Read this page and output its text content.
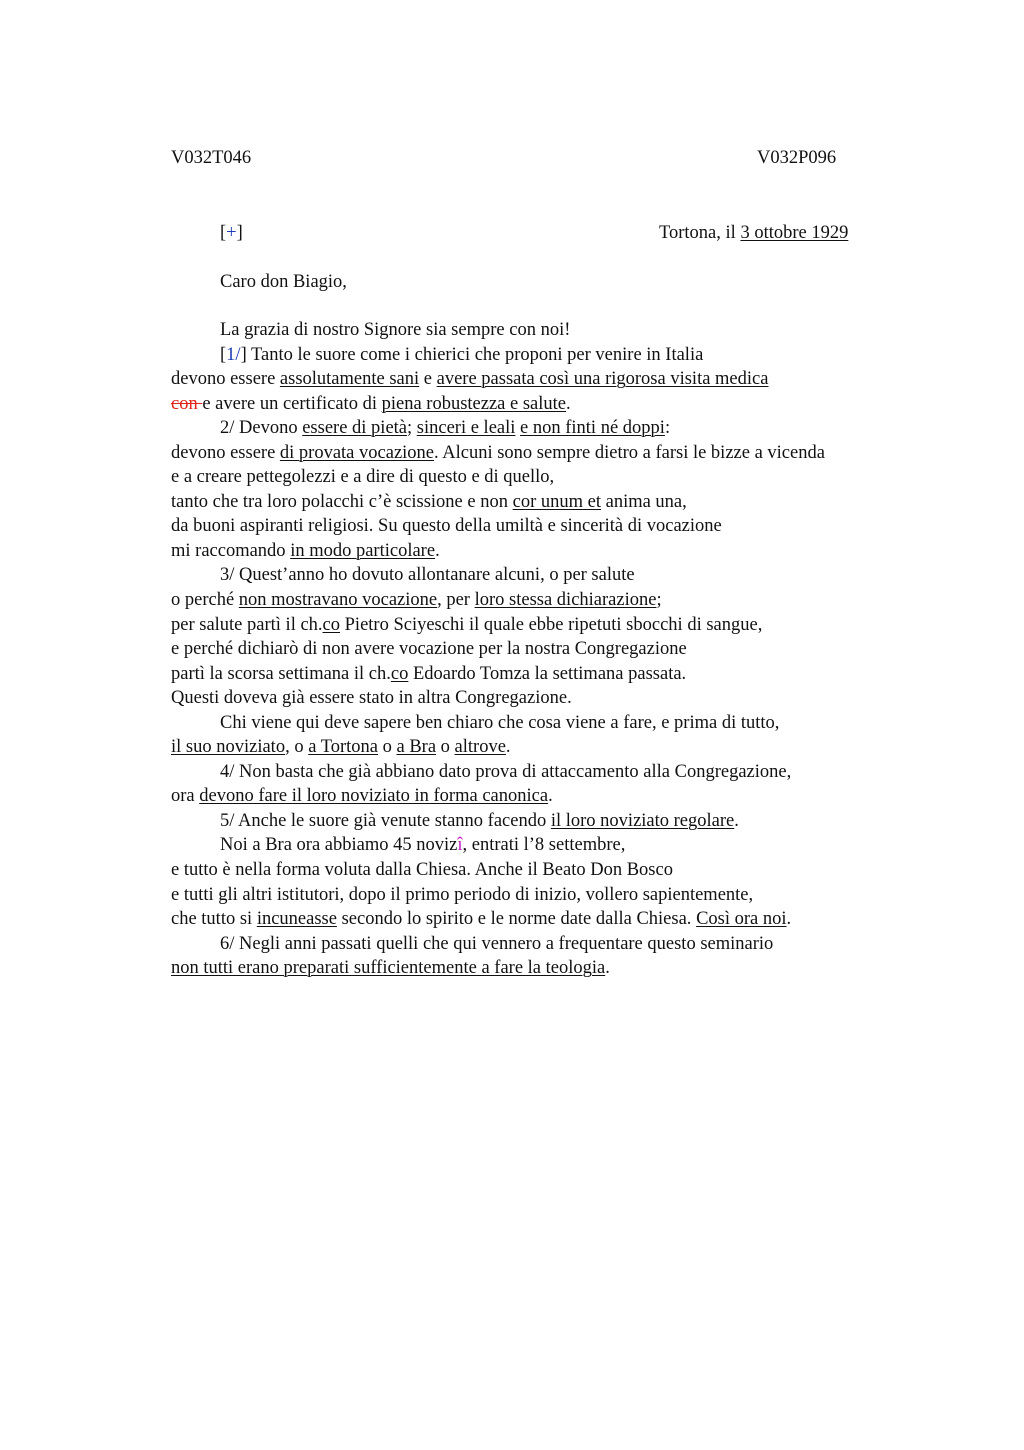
V032T046	V032P096
[+]	Tortona, il 3 ottobre 1929
Caro don Biagio,
La grazia di nostro Signore sia sempre con noi!
[1/] Tanto le suore come i chierici che proponi per venire in Italia
devono essere assolutamente sani e avere passata così una rigorosa visita medica
con e avere un certificato di piena robustezza e salute.
2/ Devono essere di pietà; sinceri e leali e non finti né doppi:
devono essere di provata vocazione. Alcuni sono sempre dietro a farsi le bizze a vicenda
e a creare pettegolezzi e a dire di questo e di quello,
tanto che tra loro polacchi c’è scissione e non cor unum et anima una,
da buoni aspiranti religiosi. Su questo della umiltà e sincerità di vocazione
mi raccomando in modo particolare.
3/ Quest’anno ho dovuto allontanare alcuni, o per salute
o perché non mostravano vocazione, per loro stessa dichiarazione;
per salute partì il ch.co Pietro Sciyeschi il quale ebbe ripetuti sbocchi di sangue,
e perché dichiarò di non avere vocazione per la nostra Congregazione
partì la scorsa settimana il ch.co Edoardo Tomza la settimana passata.
Questi doveva già essere stato in altra Congregazione.
Chi viene qui deve sapere ben chiaro che cosa viene a fare, e prima di tutto,
il suo noviziato, o a Tortona o a Bra o altrove.
4/ Non basta che già abbiano dato prova di attaccamento alla Congregazione,
ora devono fare il loro noviziato in forma canonica.
5/ Anche le suore già venute stanno facendo il loro noviziato regolare.
Noi a Bra ora abbiamo 45 novizî, entrati l’8 settembre,
e tutto è nella forma voluta dalla Chiesa. Anche il Beato Don Bosco
e tutti gli altri istitutori, dopo il primo periodo di inizio, vollero sapientemente,
che tutto si incuneasse secondo lo spirito e le norme date dalla Chiesa. Così ora noi.
6/ Negli anni passati quelli che qui vennero a frequentare questo seminario
non tutti erano preparati sufficientemente a fare la teologia.
